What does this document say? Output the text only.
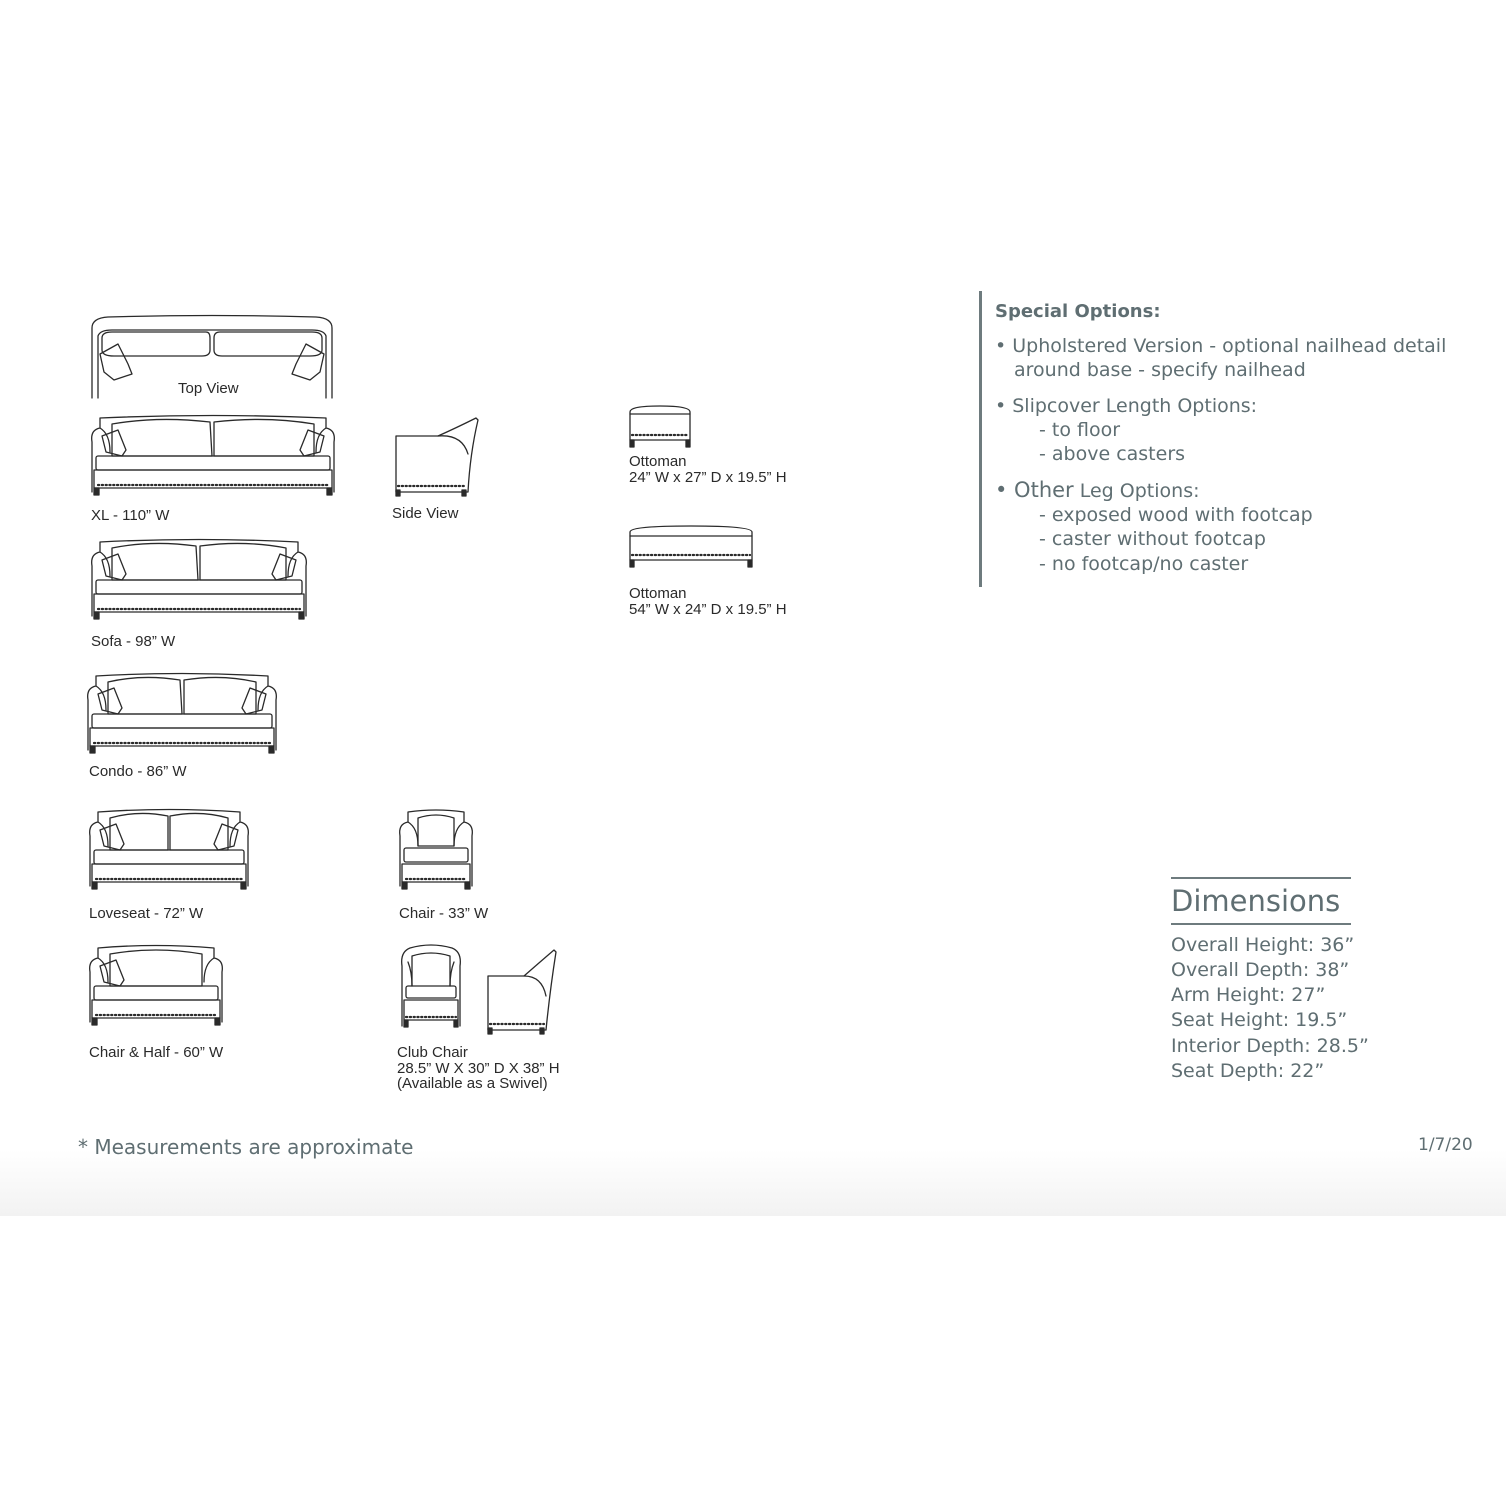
Top View
XL - 110” W	Side View
Ottoman
24” W x 27” D x 19.5” H
Ottoman
54” W x 24” D x 19.5” H
Sofa - 98” W
Condo - 86” W
Loveseat - 72” W	Chair - 33” W
Chair & Half - 60” W	Club Chair
28.5” W X 30” D X 38” H
(Available as a Swivel)
Special Options:
• Upholstered Version - optional nailhead detail
around base - specify nailhead
• Slipcover Length Options:
- to floor
- above casters
• Other Leg Options:
- exposed wood with footcap
- caster without footcap
- no footcap/no caster
Dimensions
Overall Height: 36”
Overall Depth: 38”
Arm Height: 27”
Seat Height: 19.5”
Interior Depth: 28.5”
Seat Depth: 22”
* Measurements are approximate	1/7/20
